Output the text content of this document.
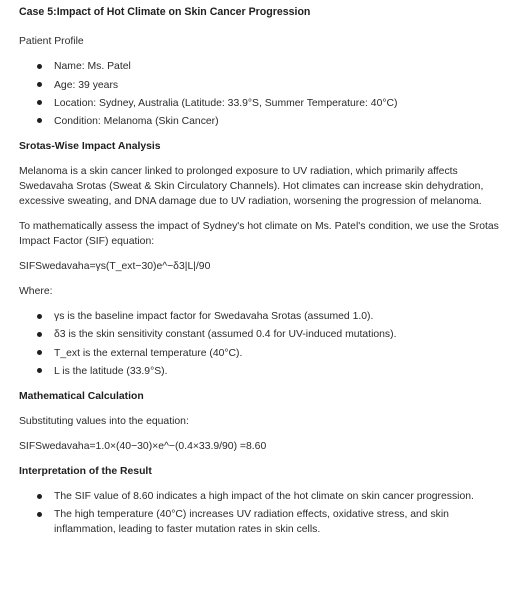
Case 5:Impact of Hot Climate on Skin Cancer Progression

Patient Profile

Name: Ms. Patel
Age: 39 years
Location: Sydney, Australia (Latitude: 33.9°S, Summer Temperature: 40°C)
Condition: Melanoma (Skin Cancer)
Srotas-Wise Impact Analysis

Melanoma is a skin cancer linked to prolonged exposure to UV radiation, which primarily affects Swedavaha Srotas (Sweat & Skin Circulatory Channels). Hot climates can increase skin dehydration, excessive sweating, and DNA damage due to UV radiation, worsening the progression of melanoma.

To mathematically assess the impact of Sydney's hot climate on Ms. Patel's condition, we use the Srotas Impact Factor (SIF) equation:

SIFSwedavaha=γs(T_ext−30)e^−δ3|L|/90

Where:

γs is the baseline impact factor for Swedavaha Srotas (assumed 1.0).
δ3 is the skin sensitivity constant (assumed 0.4 for UV-induced mutations).
T_ext is the external temperature (40°C).
L is the latitude (33.9°S).
Mathematical Calculation

Substituting values into the equation:

SIFSwedavaha=1.0×(40−30)×e^−(0.4×33.9/90) =8.60

Interpretation of the Result
The SIF value of 8.60 indicates a high impact of the hot climate on skin cancer progression.
The high temperature (40°C) increases UV radiation effects, oxidative stress, and skin inflammation, leading to faster mutation rates in skin cells.
